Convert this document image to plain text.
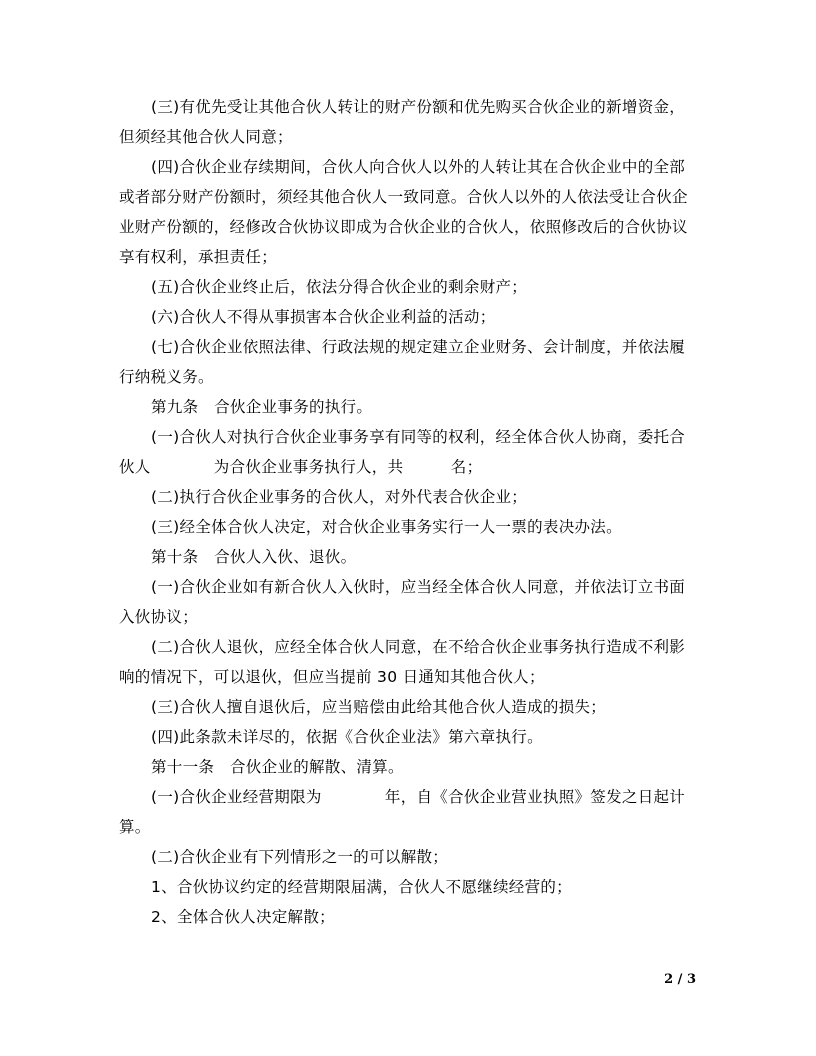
(三)有优先受让其他合伙人转让的财产份额和优先购买合伙企业的新增资金，
但须经其他合伙人同意；
(四)合伙企业存续期间，合伙人向合伙人以外的人转让其在合伙企业中的全部
或者部分财产份额时，须经其他合伙人一致同意。合伙人以外的人依法受让合伙企
业财产份额的，经修改合伙协议即成为合伙企业的合伙人，依照修改后的合伙协议
享有权利，承担责任；
(五)合伙企业终止后，依法分得合伙企业的剩余财产；
(六)合伙人不得从事损害本合伙企业利益的活动；
(七)合伙企业依照法律、行政法规的规定建立企业财务、会计制度，并依法履
行纳税义务。
第九条　合伙企业事务的执行。
(一)合伙人对执行合伙企业事务享有同等的权利，经全体合伙人协商，委托合
伙人　　　　为合伙企业事务执行人，共　　　名；
(二)执行合伙企业事务的合伙人，对外代表合伙企业；
(三)经全体合伙人决定，对合伙企业事务实行一人一票的表决办法。
第十条　合伙人入伙、退伙。
(一)合伙企业如有新合伙人入伙时，应当经全体合伙人同意，并依法订立书面
入伙协议；
(二)合伙人退伙，应经全体合伙人同意，在不给合伙企业事务执行造成不利影
响的情况下，可以退伙，但应当提前 30 日通知其他合伙人；
(三)合伙人擅自退伙后，应当赔偿由此给其他合伙人造成的损失；
(四)此条款未详尽的，依据《合伙企业法》第六章执行。
第十一条　合伙企业的解散、清算。
(一)合伙企业经营期限为　　　　年，自《合伙企业营业执照》签发之日起计
算。
(二)合伙企业有下列情形之一的可以解散；
1、合伙协议约定的经营期限届满，合伙人不愿继续经营的；
2、全体合伙人决定解散；
2 / 3
